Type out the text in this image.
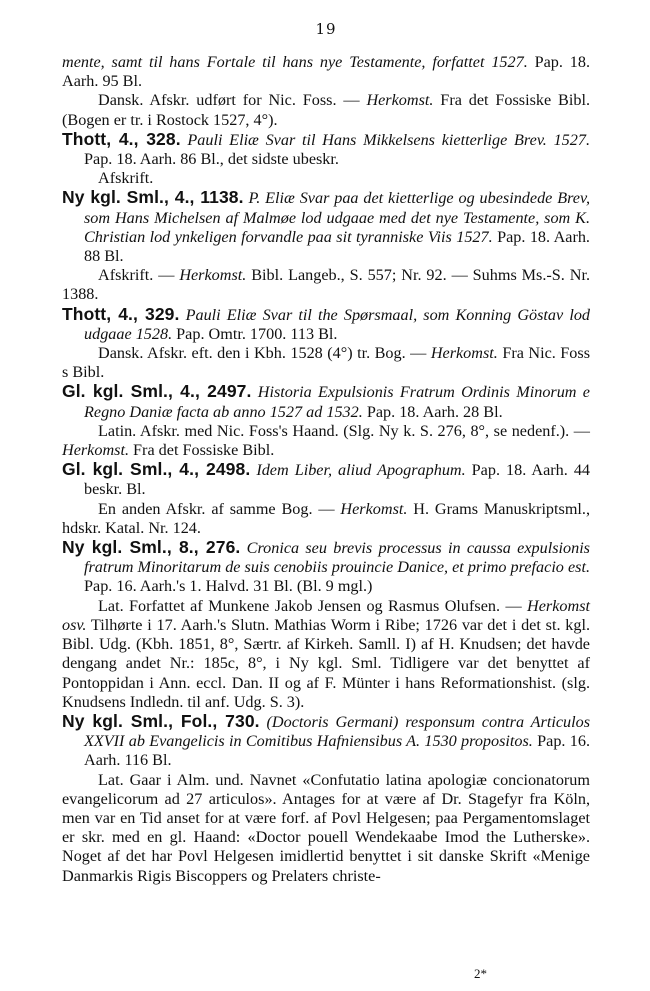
19

mente, samt til hans Fortale til hans nye Testamente, forfattet 1527. Pap. 18. Aarh. 95 Bl.

Dansk. Afskr. udført for Nic. Foss. — Herkomst. Fra det Fossiske Bibl. (Bogen er tr. i Rostock 1527, 4°).

Thott, 4., 328. Pauli Eliæ Svar til Hans Mikkelsens kietterlige Brev. 1527. Pap. 18. Aarh. 86 Bl., det sidste ubeskr.

Afskrift.

Ny kgl. Sml., 4., 1138. P. Eliæ Svar paa det kietterlige og ubesindede Brev, som Hans Michelsen af Malmøe lod udgaae med det nye Testamente, som K. Christian lod ynkeligen forvandle paa sit tyranniske Viis 1527. Pap. 18. Aarh. 88 Bl.

Afskrift. — Herkomst. Bibl. Langeb., S. 557; Nr. 92. — Suhms Ms.-S. Nr. 1388.

Thott, 4., 329. Pauli Eliæ Svar til the Spørsmaal, som Konning Göstav lod udgaae 1528. Pap. Omtr. 1700. 113 Bl.

Dansk. Afskr. eft. den i Kbh. 1528 (4°) tr. Bog. — Herkomst. Fra Nic. Foss s Bibl.

Gl. kgl. Sml., 4., 2497. Historia Expulsionis Fratrum Ordinis Minorum e Regno Daniæ facta ab anno 1527 ad 1532. Pap. 18. Aarh. 28 Bl.

Latin. Afskr. med Nic. Foss's Haand. (Slg. Ny k. S. 276, 8°, se nedenf.). — Herkomst. Fra det Fossiske Bibl.

Gl. kgl. Sml., 4., 2498. Idem Liber, aliud Apographum. Pap. 18. Aarh. 44 beskr. Bl.

En anden Afskr. af samme Bog. — Herkomst. H. Grams Manuskriptsml., hdskr. Katal. Nr. 124.

Ny kgl. Sml., 8., 276. Cronica seu brevis processus in caussa expulsionis fratrum Minoritarum de suis cenobiis prouincie Danice, et primo prefacio est. Pap. 16. Aarh.'s 1. Halvd. 31 Bl. (Bl. 9 mgl.)

Lat. Forfattet af Munkene Jakob Jensen og Rasmus Olufsen. — Herkomst osv. Tilhørte i 17. Aarh.'s Slutn. Mathias Worm i Ribe; 1726 var det i det st. kgl. Bibl. Udg. (Kbh. 1851, 8°, Særtr. af Kirkeh. Samll. I) af H. Knudsen; det havde dengang andet Nr.: 185c, 8°, i Ny kgl. Sml. Tidligere var det benyttet af Pontoppidan i Ann. eccl. Dan. II og af F. Münter i hans Reformationshist. (slg. Knudsens Indledn. til anf. Udg. S. 3).

Ny kgl. Sml., Fol., 730. (Doctoris Germani) responsum contra Articulos XXVII ab Evangelicis in Comitibus Hafniensibus A. 1530 propositos. Pap. 16. Aarh. 116 Bl.

Lat. Gaar i Alm. und. Navnet «Confutatio latina apologiæ concionatorum evangelicorum ad 27 articulos». Antages for at være af Dr. Stagefyr fra Köln, men var en Tid anset for at være forf. af Povl Helgesen; paa Pergamentomslaget er skr. med en gl. Haand: «Doctor pouell Wendekaabe Imod the Lutherske». Noget af det har Povl Helgesen imidlertid benyttet i sit danske Skrift «Menige Danmarkis Rigis Biscoppers og Prelaters christe-

2*
